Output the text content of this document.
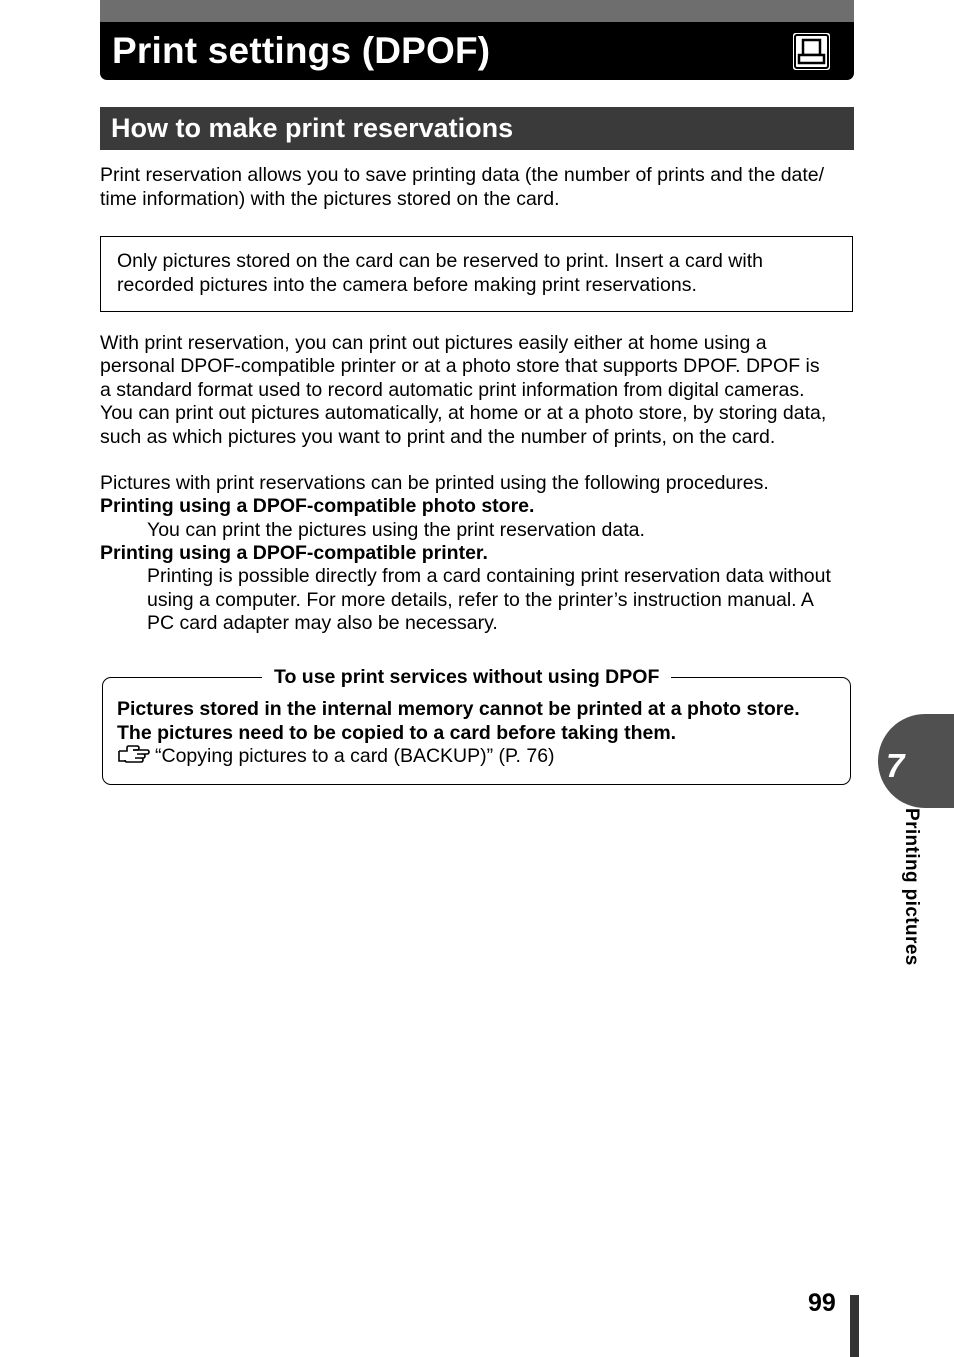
Print settings (DPOF)
How to make print reservations

Print reservation allows you to save printing data (the number of prints and the date/

time information) with the pictures stored on the card.

Only pictures stored on the card can be reserved to print. Insert a card with
recorded pictures into the camera before making print reservations.

With print reservation, you can print out pictures easily either at home using a

personal DPOF-compatible printer or at a photo store that supports DPOF. DPOF is

a standard format used to record automatic print information from digital cameras.

You can print out pictures automatically, at home or at a photo store, by storing data,

such as which pictures you want to print and the number of prints, on the card.

Pictures with print reservations can be printed using the following procedures.

Printing using a DPOF-compatible photo store.

You can print the pictures using the print reservation data.

Printing using a DPOF-compatible printer.

Printing is possible directly from a card containing print reservation data without

using a computer. For more details, refer to the printer’s instruction manual. A

PC card adapter may also be necessary.

To use print services without using DPOF
Pictures stored in the internal memory cannot be printed at a photo store.
The pictures need to be copied to a card before taking them.
“Copying pictures to a card (BACKUP)” (P. 76)	7
Printing pictures
99
